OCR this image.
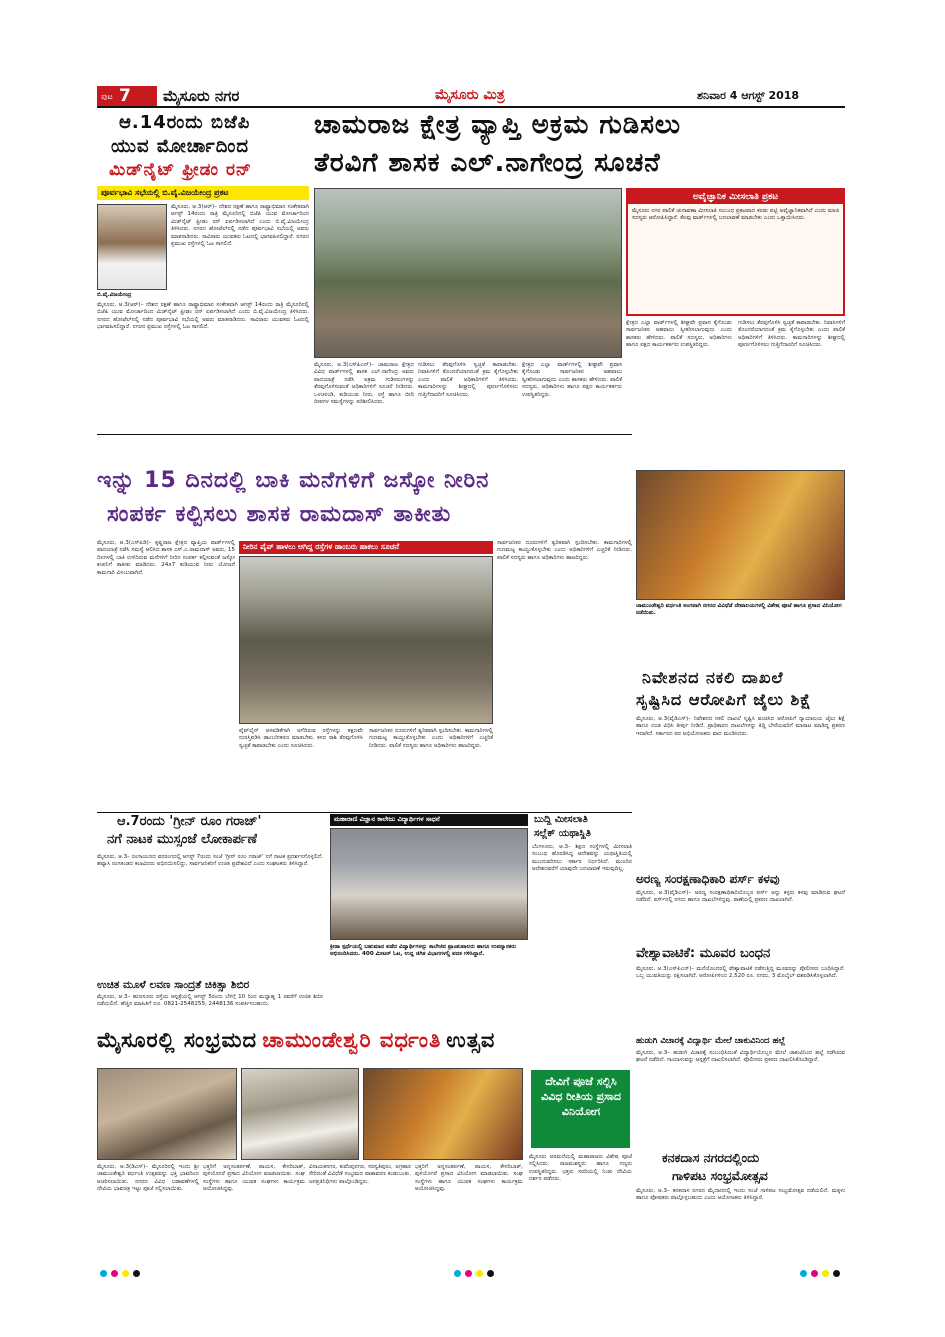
ಪುಟ 7 ಮೈಸೂರು ನಗರ	ಮೈಸೂರು ಮಿತ್ರ	ಶನಿವಾರ 4 ಆಗಸ್ಟ್ 2018
ಆ.14ರಂದು ಬಿಜೆಪಿ
ಯುವ ಮೋರ್ಚಾದಿಂದ
ಮಿಡ್‌ನೈಟ್ ಫ್ರೀಡಂ ರನ್
ಪೂರ್ವಭಾವಿ ಸಭೆಯಲ್ಲಿ ಬಿ.ವೈ.ವಿಜಯೇಂದ್ರ ಪ್ರಕಟ
ಬಿ.ವೈ.ವಿಜಯೇಂದ್ರ
ಮೈಸೂರು, ಆ.3(ಆರ್)– ದೇಶದ ರಕ್ಷಣೆ ಹಾಗೂ ರಾಷ್ಟ್ರಾಭಿಮಾನ ಸಂಕೇತವಾಗಿ ಆಗಸ್ಟ್ 14ರಂದು ರಾತ್ರಿ ಮೈಸೂರಿನಲ್ಲಿ ಬಿಜೆಪಿ ಯುವ ಮೋರ್ಚಾದಿಂದ ಮಿಡ್‌ನೈಟ್ ಫ್ರೀಡಂ ರನ್ ಏರ್ಪಡಿಸಲಾಗಿದೆ ಎಂದು ಬಿ.ವೈ.ವಿಜಯೇಂದ್ರ ತಿಳಿಸಿದರು. ನಗರದ ಹೋಟೆಲ್‌ನಲ್ಲಿ ನಡೆದ ಪೂರ್ವಭಾವಿ ಸಭೆಯಲ್ಲಿ ಅವರು ಮಾತನಾಡಿದರು. ಸಾವಿರಾರು ಯುವಕರು ಓಟದಲ್ಲಿ ಭಾಗವಹಿಸಲಿದ್ದಾರೆ. ನಗರದ ಪ್ರಮುಖ ರಸ್ತೆಗಳಲ್ಲಿ ಓಟ ಸಾಗಲಿದೆ.
ಮೈಸೂರು, ಆ.3(ಆರ್)– ದೇಶದ ರಕ್ಷಣೆ ಹಾಗೂ ರಾಷ್ಟ್ರಾಭಿಮಾನ ಸಂಕೇತವಾಗಿ ಆಗಸ್ಟ್ 14ರಂದು ರಾತ್ರಿ ಮೈಸೂರಿನಲ್ಲಿ ಬಿಜೆಪಿ ಯುವ ಮೋರ್ಚಾದಿಂದ ಮಿಡ್‌ನೈಟ್ ಫ್ರೀಡಂ ರನ್ ಏರ್ಪಡಿಸಲಾಗಿದೆ ಎಂದು ಬಿ.ವೈ.ವಿಜಯೇಂದ್ರ ತಿಳಿಸಿದರು. ನಗರದ ಹೋಟೆಲ್‌ನಲ್ಲಿ ನಡೆದ ಪೂರ್ವಭಾವಿ ಸಭೆಯಲ್ಲಿ ಅವರು ಮಾತನಾಡಿದರು. ಸಾವಿರಾರು ಯುವಕರು ಓಟದಲ್ಲಿ ಭಾಗವಹಿಸಲಿದ್ದಾರೆ. ನಗರದ ಪ್ರಮುಖ ರಸ್ತೆಗಳಲ್ಲಿ ಓಟ ಸಾಗಲಿದೆ.
ಚಾಮರಾಜ ಕ್ಷೇತ್ರ ವ್ಯಾಪ್ತಿ ಅಕ್ರಮ ಗುಡಿಸಲು
ತೆರವಿಗೆ ಶಾಸಕ ಎಲ್.ನಾಗೇಂದ್ರ ಸೂಚನೆ
ಅವೈಜ್ಞಾನಿಕ ಮೀಸಲಾತಿ ಪ್ರಕಟ
ಮೈಸೂರು ನಗರ ಪಾಲಿಕೆ ಚುನಾವಣಾ ಮೀಸಲಾತಿ ಸಂಬಂಧ ಪ್ರಕಟವಾದ ಕರಡು ಪಟ್ಟಿ ಅವೈಜ್ಞಾನಿಕವಾಗಿದೆ ಎಂದು ಮಾಜಿ ಸದಸ್ಯರು ಆರೋಪಿಸಿದ್ದಾರೆ. ಕೆಲವು ವಾರ್ಡ್‌ಗಳಲ್ಲಿ ಬದಲಾವಣೆ ಮಾಡಬೇಕು ಎಂದು ಒತ್ತಾಯಿಸಿದರು.
ಕ್ಷೇತ್ರದ ಎಲ್ಲಾ ವಾರ್ಡ್‌ಗಳಲ್ಲಿ ಶೀಘ್ರವೇ ಪ್ರವಾಸ ಕೈಗೊಂಡು ಸಾರ್ವಜನಿಕರ ಅಹವಾಲು ಸ್ವೀಕರಿಸಲಾಗುವುದು ಎಂದು ಶಾಸಕರು ಹೇಳಿದರು. ಪಾಲಿಕೆ ಸದಸ್ಯರು, ಅಧಿಕಾರಿಗಳು ಹಾಗೂ ಪಕ್ಷದ ಕಾರ್ಯಕರ್ತರು ಉಪಸ್ಥಿತರಿದ್ದರು.
ಗುಡಿಸಲು ತೆರವುಗೊಳಿಸಿ ಸ್ವಚ್ಛತೆ ಕಾಪಾಡಬೇಕು. ನಿವಾಸಿಗಳಿಗೆ ತೊಂದರೆಯಾಗದಂತೆ ಕ್ರಮ ಕೈಗೊಳ್ಳಬೇಕು ಎಂದು ಪಾಲಿಕೆ ಅಧಿಕಾರಿಗಳಿಗೆ ತಿಳಿಸಿದರು. ಕಾಮಗಾರಿಗಳನ್ನು ಶೀಘ್ರದಲ್ಲಿ ಪೂರ್ಣಗೊಳಿಸಲು ಗುತ್ತಿಗೆದಾರರಿಗೆ ಸೂಚಿಸಿದರು.
ಮೈಸೂರು, ಆ.3(ಎಸ್‌ಪಿಎನ್)– ಚಾಮರಾಜ ಕ್ಷೇತ್ರದ ವಿವಿಧ ವಾರ್ಡ್‌ಗಳಲ್ಲಿ ಶಾಸಕ ಎಲ್.ನಾಗೇಂದ್ರ ಅವರು ಪಾದಯಾತ್ರೆ ನಡೆಸಿ ಅಕ್ರಮ ಗುಡಿಸಲುಗಳನ್ನು ತೆರವುಗೊಳಿಸುವಂತೆ ಅಧಿಕಾರಿಗಳಿಗೆ ಸೂಚನೆ ನೀಡಿದರು. ಒಳಚರಂಡಿ, ಕುಡಿಯುವ ನೀರು, ರಸ್ತೆ ಹಾಗೂ ಬೀದಿ ದೀಪಗಳ ಸಮಸ್ಯೆಗಳನ್ನು ಪರಿಶೀಲಿಸಿದರು.
ಗುಡಿಸಲು ತೆರವುಗೊಳಿಸಿ ಸ್ವಚ್ಛತೆ ಕಾಪಾಡಬೇಕು. ನಿವಾಸಿಗಳಿಗೆ ತೊಂದರೆಯಾಗದಂತೆ ಕ್ರಮ ಕೈಗೊಳ್ಳಬೇಕು ಎಂದು ಪಾಲಿಕೆ ಅಧಿಕಾರಿಗಳಿಗೆ ತಿಳಿಸಿದರು. ಕಾಮಗಾರಿಗಳನ್ನು ಶೀಘ್ರದಲ್ಲಿ ಪೂರ್ಣಗೊಳಿಸಲು ಗುತ್ತಿಗೆದಾರರಿಗೆ ಸೂಚಿಸಿದರು.
ಕ್ಷೇತ್ರದ ಎಲ್ಲಾ ವಾರ್ಡ್‌ಗಳಲ್ಲಿ ಶೀಘ್ರವೇ ಪ್ರವಾಸ ಕೈಗೊಂಡು ಸಾರ್ವಜನಿಕರ ಅಹವಾಲು ಸ್ವೀಕರಿಸಲಾಗುವುದು ಎಂದು ಶಾಸಕರು ಹೇಳಿದರು. ಪಾಲಿಕೆ ಸದಸ್ಯರು, ಅಧಿಕಾರಿಗಳು ಹಾಗೂ ಪಕ್ಷದ ಕಾರ್ಯಕರ್ತರು ಉಪಸ್ಥಿತರಿದ್ದರು.
ಇನ್ನು 15 ದಿನದಲ್ಲಿ ಬಾಕಿ ಮನೆಗಳಿಗೆ ಜಸ್ಕೋ ನೀರಿನ
ಸಂಪರ್ಕ ಕಲ್ಪಿಸಲು ಶಾಸಕ ರಾಮದಾಸ್ ತಾಕೀತು
ಮೈಸೂರು, ಆ.3(ಎಸ್‌ಪಿಡಿ)– ಕೃಷ್ಣರಾಜ ಕ್ಷೇತ್ರದ ವ್ಯಾಪ್ತಿಯ ವಾರ್ಡ್‌ಗಳಲ್ಲಿ ಪಾದಯಾತ್ರೆ ನಡೆಸಿ ಸಮಸ್ಯೆ ಆಲಿಸಿದ ಶಾಸಕ ಎಸ್.ಎ.ರಾಮದಾಸ್ ಅವರು, 15 ದಿನಗಳಲ್ಲಿ ಬಾಕಿ ಉಳಿದಿರುವ ಮನೆಗಳಿಗೆ ನೀರಿನ ಸಂಪರ್ಕ ಕಲ್ಪಿಸುವಂತೆ ಜಸ್ಕೋ ಕಂಪನಿಗೆ ತಾಕೀತು ಮಾಡಿದರು. 24x7 ಕುಡಿಯುವ ನೀರು ಯೋಜನೆ ಕಾಮಗಾರಿ ವಿಳಂಬವಾಗಿದೆ.
ನೀರಿನ ಪೈಪ್ ಹಾಳಲು ಆಗಿದ್ದ ರಸ್ತೆಗಳ ಡಾಂಬರು ಹಾಕಲು ಸೂಚನೆ
ಪೈಪ್‌ಲೈನ್ ಅಳವಡಿಕೆಗಾಗಿ ಅಗೆದಿರುವ ರಸ್ತೆಗಳನ್ನು ತಕ್ಷಣವೇ ದುರಸ್ತಿಪಡಿಸಿ ಡಾಂಬರೀಕರಣ ಮಾಡಬೇಕು. ಕಸದ ರಾಶಿ ತೆರವುಗೊಳಿಸಿ ಸ್ವಚ್ಛತೆ ಕಾಪಾಡಬೇಕು ಎಂದು ಸೂಚಿಸಿದರು.
ಸಾರ್ವಜನಿಕರ ದೂರುಗಳಿಗೆ ತ್ವರಿತವಾಗಿ ಸ್ಪಂದಿಸಬೇಕು. ಕಾಮಗಾರಿಗಳಲ್ಲಿ ಗುಣಮಟ್ಟ ಕಾಯ್ದುಕೊಳ್ಳಬೇಕು ಎಂದು ಅಧಿಕಾರಿಗಳಿಗೆ ಎಚ್ಚರಿಕೆ ನೀಡಿದರು. ಪಾಲಿಕೆ ಸದಸ್ಯರು ಹಾಗೂ ಅಧಿಕಾರಿಗಳು ಹಾಜರಿದ್ದರು.
ಸಾರ್ವಜನಿಕರ ದೂರುಗಳಿಗೆ ತ್ವರಿತವಾಗಿ ಸ್ಪಂದಿಸಬೇಕು. ಕಾಮಗಾರಿಗಳಲ್ಲಿ ಗುಣಮಟ್ಟ ಕಾಯ್ದುಕೊಳ್ಳಬೇಕು ಎಂದು ಅಧಿಕಾರಿಗಳಿಗೆ ಎಚ್ಚರಿಕೆ ನೀಡಿದರು. ಪಾಲಿಕೆ ಸದಸ್ಯರು ಹಾಗೂ ಅಧಿಕಾರಿಗಳು ಹಾಜರಿದ್ದರು.
ಚಾಮುಂಡೇಶ್ವರಿ ವರ್ಧಂತಿ ಅಂಗವಾಗಿ ನಗರದ ವಿವಿಧೆಡೆ ದೇವಾಲಯಗಳಲ್ಲಿ ವಿಶೇಷ ಪೂಜೆ ಹಾಗೂ ಪ್ರಸಾದ ವಿನಿಯೋಗ ನಡೆಯಿತು.
ನಿವೇಶನದ ನಕಲಿ ದಾಖಲೆ
ಸೃಷ್ಟಿಸಿದ ಆರೋಪಿಗೆ ಜೈಲು ಶಿಕ್ಷೆ
ಮೈಸೂರು, ಆ.3(ವೈಡಿಎಸ್)– ನಿವೇಶನದ ನಕಲಿ ದಾಖಲೆ ಸೃಷ್ಟಿಸಿ ವಂಚಿಸಿದ ಆರೋಪಿಗೆ ನ್ಯಾಯಾಲಯ ಜೈಲು ಶಿಕ್ಷೆ ಹಾಗೂ ದಂಡ ವಿಧಿಸಿ ತೀರ್ಪು ನೀಡಿದೆ. ಪ್ರಾಧಿಕಾರದ ದಾಖಲೆಗಳನ್ನು ತಿದ್ದಿ ಬೇರೆಯವರಿಗೆ ಮಾರಾಟ ಮಾಡಿದ್ದ ಪ್ರಕರಣ ಇದಾಗಿದೆ. ಸರ್ಕಾರದ ಪರ ಅಭಿಯೋಜಕರು ವಾದ ಮಂಡಿಸಿದರು.
ಆ.7ರಂದು 'ಗ್ರೀನ್ ರೂಂ ಗರಾಜ್'
ನಗೆ ನಾಟಕ ಮುಸ್ಸಂಜೆ ಲೋಕಾರ್ಪಣೆ
ಮೈಸೂರು, ಆ.3– ರಂಗಾಯಣದ ವನರಂಗದಲ್ಲಿ ಆಗಸ್ಟ್ 7ರಂದು ಸಂಜೆ 'ಗ್ರೀನ್ ರೂಂ ಗರಾಜ್' ನಗೆ ನಾಟಕ ಪ್ರದರ್ಶನಗೊಳ್ಳಲಿದೆ. ಹವ್ಯಾಸಿ ರಂಗತಂಡದ ಕಲಾವಿದರು ಅಭಿನಯಿಸಲಿದ್ದು, ಸಾರ್ವಜನಿಕರಿಗೆ ಉಚಿತ ಪ್ರವೇಶವಿದೆ ಎಂದು ಸಂಘಟಕರು ತಿಳಿಸಿದ್ದಾರೆ.
ಉಚಿತ ಮೂಳೆ ಲವಣ ಸಾಂದ್ರತೆ ಚಿಕಿತ್ಸಾ ಶಿಬಿರ
ಮೈಸೂರು, ಆ.3– ಹುಣಸೂರು ರಸ್ತೆಯ ಆಸ್ಪತ್ರೆಯಲ್ಲಿ ಆಗಸ್ಟ್ 5ರಂದು ಬೆಳಿಗ್ಗೆ 10 ರಿಂದ ಮಧ್ಯಾಹ್ನ 1 ರವರೆಗೆ ಉಚಿತ ಶಿಬಿರ ನಡೆಯಲಿದೆ. ಹೆಚ್ಚಿನ ಮಾಹಿತಿಗೆ ದೂ. 0821-2548255, 2448136 ಸಂಪರ್ಕಿಸಬಹುದು.
ಮಹಾರಾಣಿ ವಿಜ್ಞಾನ ಕಾಲೇಜು ವಿದ್ಯಾರ್ಥಿಗಳ ಸಾಧನೆ
ಕ್ರೀಡಾ ಸ್ಪರ್ಧೆಯಲ್ಲಿ ಬಹುಮಾನ ಪಡೆದ ವಿದ್ಯಾರ್ಥಿಗಳನ್ನು ಕಾಲೇಜಿನ ಪ್ರಾಂಶುಪಾಲರು ಹಾಗೂ ಉಪನ್ಯಾಸಕರು ಅಭಿನಂದಿಸಿದರು. 400 ಮೀಟರ್ ಓಟ, ಉದ್ದ ಜಿಗಿತ ವಿಭಾಗಗಳಲ್ಲಿ ಪದಕ ಗಳಿಸಿದ್ದಾರೆ.
ಬುದ್ಧಿ ಮೀಸಲಾತಿ
ಸಲ್ಲೆಕ್ ಯಥಾಸ್ಥಿತಿ
ಬೆಂಗಳೂರು, ಆ.3– ಶಿಕ್ಷಣ ಸಂಸ್ಥೆಗಳಲ್ಲಿ ಮೀಸಲಾತಿ ಸಂಬಂಧ ಹೊರಡಿಸಿದ್ದ ಆದೇಶವನ್ನು ಯಥಾಸ್ಥಿತಿಯಲ್ಲಿ ಮುಂದುವರಿಸಲು ಸರ್ಕಾರ ನಿರ್ಧರಿಸಿದೆ. ಮುಂದಿನ ಆದೇಶದವರೆಗೆ ಯಾವುದೇ ಬದಲಾವಣೆ ಇರುವುದಿಲ್ಲ.
ಅರಣ್ಯ ಸಂರಕ್ಷಣಾಧಿಕಾರಿ ಪರ್ಸ್ ಕಳವು
ಮೈಸೂರು, ಆ.3(ವೈಡಿಎಸ್)– ಅರಣ್ಯ ಸಂರಕ್ಷಣಾಧಿಕಾರಿಯೊಬ್ಬರ ಪರ್ಸ್ ಅನ್ನು ಕಳ್ಳರು ಕಳವು ಮಾಡಿರುವ ಘಟನೆ ನಡೆದಿದೆ. ಪರ್ಸ್‌ನಲ್ಲಿ ನಗದು ಹಾಗೂ ದಾಖಲೆಗಳಿದ್ದವು. ಠಾಣೆಯಲ್ಲಿ ಪ್ರಕರಣ ದಾಖಲಾಗಿದೆ.
ವೇಶ್ಯಾವಾಟಿಕೆ: ಮೂವರ ಬಂಧನ
ಮೈಸೂರು, ಆ.3(ಎಸ್‌ಪಿಎನ್)– ಮನೆಯೊಂದರಲ್ಲಿ ವೇಶ್ಯಾವಾಟಿಕೆ ನಡೆಸುತ್ತಿದ್ದ ಮೂವರನ್ನು ಪೊಲೀಸರು ಬಂಧಿಸಿದ್ದಾರೆ. ಒಬ್ಬ ಯುವತಿಯನ್ನು ರಕ್ಷಿಸಲಾಗಿದೆ. ಆರೋಪಿಗಳಿಂದ 2,520 ರೂ. ನಗದು, 3 ಮೊಬೈಲ್ ವಶಪಡಿಸಿಕೊಳ್ಳಲಾಗಿದೆ.
ಹುಡುಗಿ ವಿಚಾರಕ್ಕೆ ವಿದ್ಯಾರ್ಥಿ ಮೇಲೆ ಚಾಕುವಿನಿಂದ ಹಲ್ಲೆ
ಮೈಸೂರು, ಆ.3– ಹುಡುಗಿ ವಿಚಾರಕ್ಕೆ ಸಂಬಂಧಿಸಿದಂತೆ ವಿದ್ಯಾರ್ಥಿಯೊಬ್ಬನ ಮೇಲೆ ಚಾಕುವಿನಿಂದ ಹಲ್ಲೆ ನಡೆಸಿರುವ ಘಟನೆ ನಡೆದಿದೆ. ಗಾಯಾಳುವನ್ನು ಆಸ್ಪತ್ರೆಗೆ ದಾಖಲಿಸಲಾಗಿದೆ. ಪೊಲೀಸರು ಪ್ರಕರಣ ದಾಖಲಿಸಿಕೊಂಡಿದ್ದಾರೆ.
ಕನಕದಾಸ ನಗರದಲ್ಲಿಂದು
ಗಾಳಿಪಟ ಸಂಭ್ರಮೋತ್ಸವ
ಮೈಸೂರು, ಆ.3– ಕನಕದಾಸ ನಗರದ ಮೈದಾನದಲ್ಲಿ ಇಂದು ಸಂಜೆ ಗಾಳಿಪಟ ಸಂಭ್ರಮೋತ್ಸವ ನಡೆಯಲಿದೆ. ಮಕ್ಕಳು ಹಾಗೂ ಪೋಷಕರು ಪಾಲ್ಗೊಳ್ಳಬಹುದು ಎಂದು ಆಯೋಜಕರು ತಿಳಿಸಿದ್ದಾರೆ.
ಮೈಸೂರಲ್ಲಿ ಸಂಭ್ರಮದ ಚಾಮುಂಡೇಶ್ವರಿ ವರ್ಧಂತಿ ಉತ್ಸವ
ದೇವಿಗೆ ಪೂಜೆ ಸಲ್ಲಿಸಿ ವಿವಿಧ ರೀತಿಯ ಪ್ರಸಾದ ವಿನಿಯೋಗ
ಮೈಸೂರು, ಆ.3(ಡಿಎಸ್)– ಮೈಸೂರಿನಲ್ಲಿ ಇಂದು ಶ್ರೀ ಚಾಮುಂಡೇಶ್ವರಿ ವರ್ಧಂತಿ ಉತ್ಸವವನ್ನು ಭಕ್ತಿ ಭಾವದಿಂದ ಆಚರಿಸಲಾಯಿತು. ನಗರದ ವಿವಿಧ ಬಡಾವಣೆಗಳಲ್ಲಿ ದೇವಿಯ ಭಾವಚಿತ್ರ ಇಟ್ಟು ಪೂಜೆ ಸಲ್ಲಿಸಲಾಯಿತು.
ಭಕ್ತರಿಗೆ ಅನ್ನಸಂತರ್ಪಣೆ, ಪಾಯಸ, ಕೇಸರಿಬಾತ್, ಪುಳಿಯೊಗರೆ ಪ್ರಸಾದ ವಿನಿಯೋಗ ಮಾಡಲಾಯಿತು. ಸಂಘ ಸಂಸ್ಥೆಗಳು ಹಾಗೂ ಯುವಕ ಸಂಘಗಳು ಕಾರ್ಯಕ್ರಮ ಆಯೋಜಿಸಿದ್ದವು.
ವಿನಾಯಕನಗರ, ಕುವೆಂಪುನಗರ, ಸರಸ್ವತಿಪುರಂ, ಅಗ್ರಹಾರ ಸೇರಿದಂತೆ ವಿವಿಧೆಡೆ ಸಂಭ್ರಮದ ವಾತಾವರಣ ಕಂಡುಬಂತು. ಜನಪ್ರತಿನಿಧಿಗಳು ಪಾಲ್ಗೊಂಡಿದ್ದರು.
ಭಕ್ತರಿಗೆ ಅನ್ನಸಂತರ್ಪಣೆ, ಪಾಯಸ, ಕೇಸರಿಬಾತ್, ಪುಳಿಯೊಗರೆ ಪ್ರಸಾದ ವಿನಿಯೋಗ ಮಾಡಲಾಯಿತು. ಸಂಘ ಸಂಸ್ಥೆಗಳು ಹಾಗೂ ಯುವಕ ಸಂಘಗಳು ಕಾರ್ಯಕ್ರಮ ಆಯೋಜಿಸಿದ್ದವು.
ಮೈಸೂರು ಅರಮನೆಯಲ್ಲಿ ಮಹಾರಾಜರು ವಿಶೇಷ ಪೂಜೆ ಸಲ್ಲಿಸಿದರು. ರಾಜವಂಶಸ್ಥರು ಹಾಗೂ ಗಣ್ಯರು ಉಪಸ್ಥಿತರಿದ್ದರು. ಭಕ್ತರು ಸರದಿಯಲ್ಲಿ ನಿಂತು ದೇವಿಯ ದರ್ಶನ ಪಡೆದರು.
